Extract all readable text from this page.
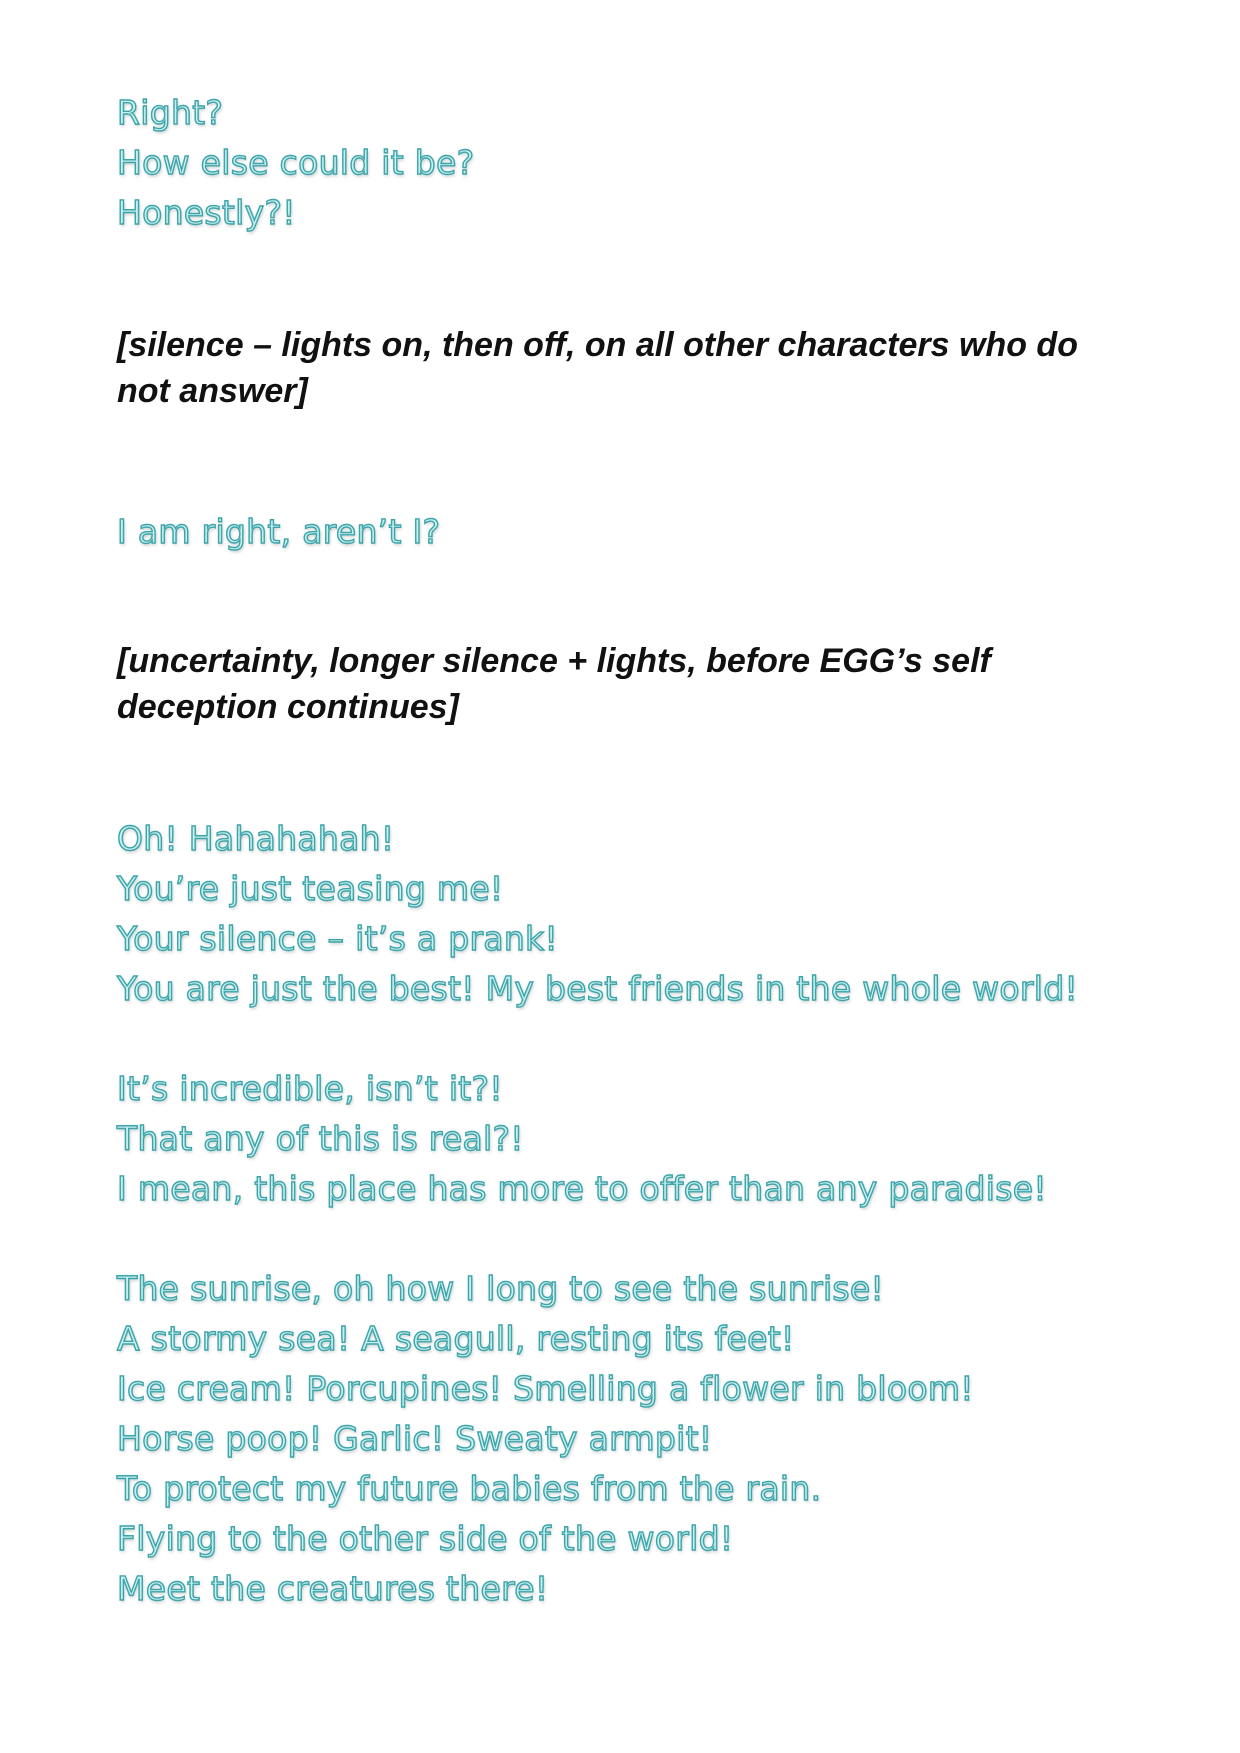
Right?
How else could it be?
Honestly?!

[silence – lights on, then off, on all other characters who do not answer]

I am right, aren’t I?

[uncertainty, longer silence + lights, before EGG’s self deception continues]

Oh! Hahahahah!
You’re just teasing me!
Your silence – it’s a prank!
You are just the best! My best friends in the whole world!
It’s incredible, isn’t it?!
That any of this is real?!
I mean, this place has more to offer than any paradise!
The sunrise, oh how I long to see the sunrise!
A stormy sea! A seagull, resting its feet!
Ice cream! Porcupines! Smelling a flower in bloom!
Horse poop! Garlic! Sweaty armpit!
To protect my future babies from the rain.
Flying to the other side of the world!
Meet the creatures there!
